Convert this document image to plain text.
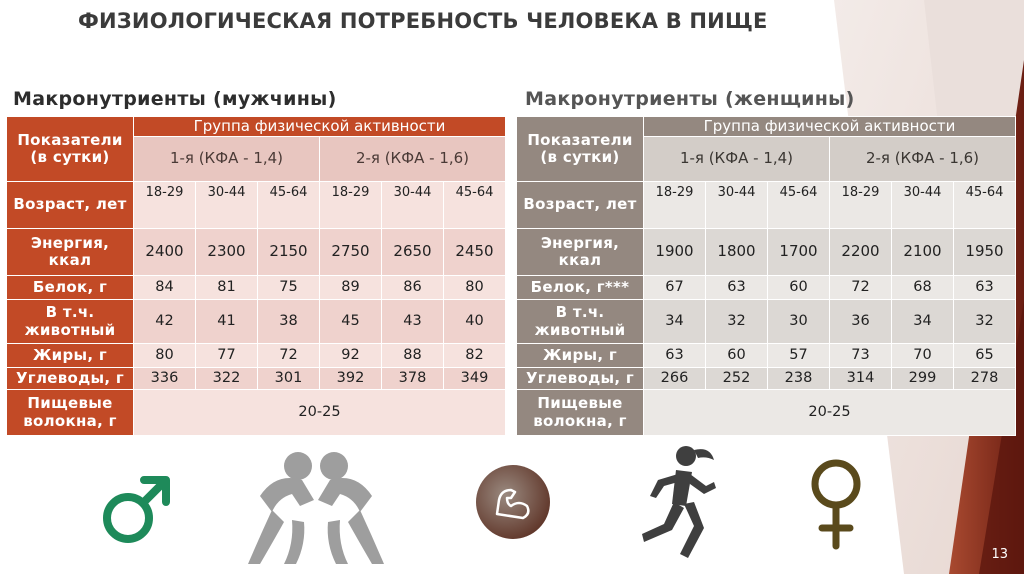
ФИЗИОЛОГИЧЕСКАЯ ПОТРЕБНОСТЬ ЧЕЛОВЕКА В ПИЩЕ
Макронутриенты (мужчины)	Макронутриенты (женщины)
Показатели (в сутки)	Группа физической активности					
	1-я (КФА - 1,4)			2-я (КФА - 1,6)		
Возраст, лет	18-29	30-44	45-64	18-29	30-44	45-64
Энергия, ккал	2400	2300	2150	2750	2650	2450
Белок, г	84	81	75	89	86	80
В т.ч. животный	42	41	38	45	43	40
Жиры, г	80	77	72	92	88	82
Углеводы, г	336	322	301	392	378	349
Пищевые волокна, г	20-25					
Показатели (в сутки)	Группа физической активности					
	1-я (КФА - 1,4)			2-я (КФА - 1,6)		
Возраст, лет	18-29	30-44	45-64	18-29	30-44	45-64
Энергия, ккал	1900	1800	1700	2200	2100	1950
Белок, г***	67	63	60	72	68	63
В т.ч. животный	34	32	30	36	34	32
Жиры, г	63	60	57	73	70	65
Углеводы, г	266	252	238	314	299	278
Пищевые волокна, г	20-25					
13
